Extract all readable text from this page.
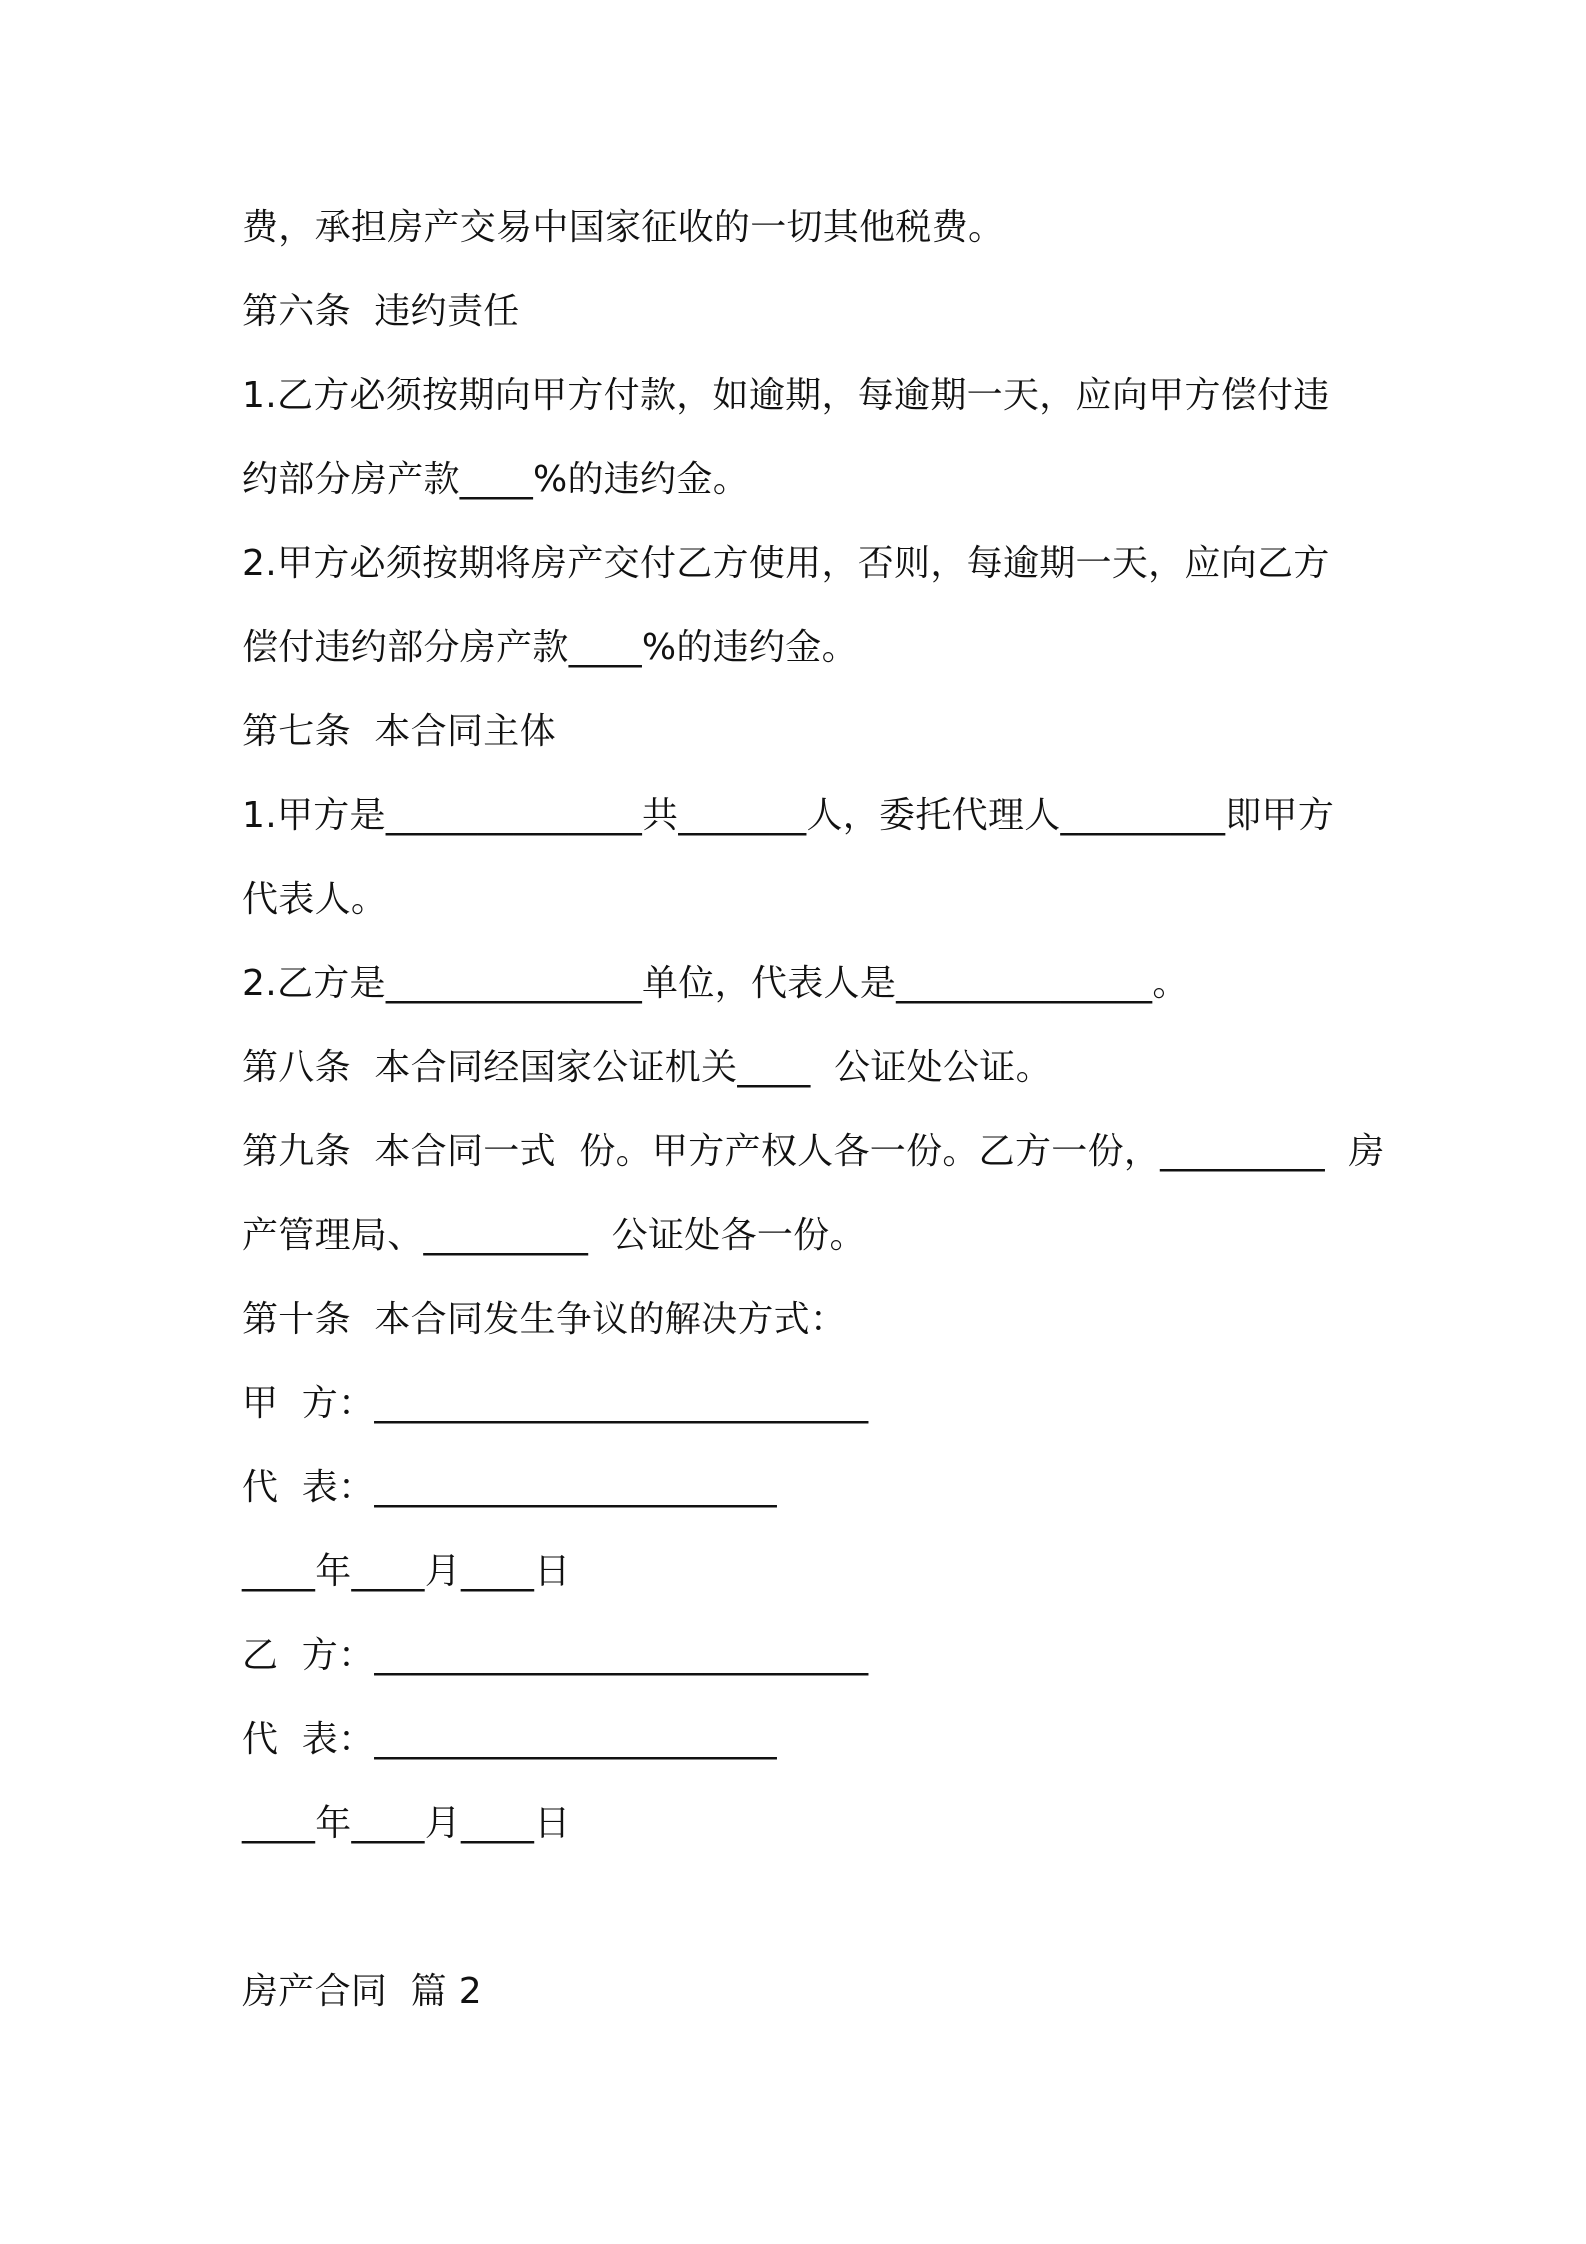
费，承担房产交易中国家征收的一切其他税费。

第六条  违约责任

1.乙方必须按期向甲方付款，如逾期，每逾期一天，应向甲方偿付违

约部分房产款____%的违约金。

2.甲方必须按期将房产交付乙方使用，否则，每逾期一天，应向乙方

偿付违约部分房产款____%的违约金。

第七条  本合同主体

1.甲方是______________共_______人，委托代理人_________即甲方

代表人。

2.乙方是______________单位，代表人是______________。

第八条  本合同经国家公证机关____  公证处公证。

第九条  本合同一式  份。甲方产权人各一份。乙方一份，_________  房

产管理局、_________  公证处各一份。

第十条  本合同发生争议的解决方式：

甲  方：___________________________

代  表：______________________

____年____月____日

乙  方：___________________________

代  表：______________________

____年____月____日

房产合同  篇 2
